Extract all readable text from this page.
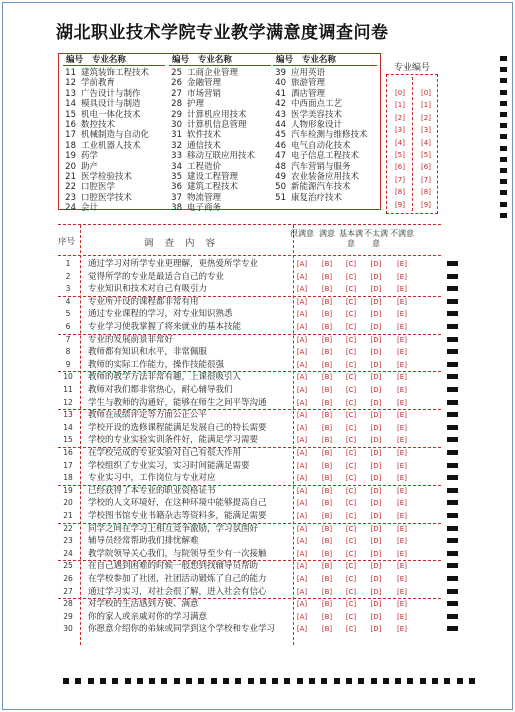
湖北职业技术学院专业教学满意度调查问卷
编号   专业名称	编号   专业名称	编号   专业名称
11 建筑装饰工程技术
12 学前教育
13 广告设计与制作
14 模具设计与制造
15 机电一体化技术
16 数控技术
17 机械制造与自动化
18 工业机器人技术
19 药学
20 助产
21 医学检验技术
22 口腔医学
23 口腔医学技术
24 会计
25 工商企业管理
26 金融管理
27 市场营销
28 护理
29 计算机应用技术
30 计算机信息管理
31 软件技术
32 通信技术
33 移动互联应用技术
34 工程造价
35 建设工程管理
36 建筑工程技术
37 物流管理
38 电子商务
39 应用英语
40 旅游管理
41 酒店管理
42 中西面点工艺
43 医学美容技术
44 人物形象设计
45 汽车检测与维修技术
46 电气自动化技术
47 电子信息工程技术
48 汽车营销与服务
49 农业装备应用技术
50 新能源汽车技术
51 康复治疗技术
专业编号
[0]
[1]
[2]
[3]
[4]
[5]
[6]
[7]
[8]
[9]
[0]
[1]
[2]
[3]
[4]
[5]
[6]
[7]
[8]
[9]
序号	调 查 内 容
很满意 满意 基本满意
不太满意
不满意
1	通过学习对所学专业更理解，更热爱所学专业	[A]	[B]	[C]	[D]	[E]
2	觉得所学的专业是最适合自己的专业	[A]	[B]	[C]	[D]	[E]
3	专业知识和技术对自己有吸引力	[A]	[B]	[C]	[D]	[E]
4	专业所开设的课程都非常有用	[A]	[B]	[C]	[D]	[E]
5	通过专业课程的学习，对专业知识熟悉	[A]	[B]	[C]	[D]	[E]
6	专业学习使我掌握了将来就业的基本技能	[A]	[B]	[C]	[D]	[E]
7	专业的发展前景非常好	[A]	[B]	[C]	[D]	[E]
8	教师都有知识和水平，非常佩服	[A]	[B]	[C]	[D]	[E]
9	教师的实际工作能力，操作技能很强	[A]	[B]	[C]	[D]	[E]
10	教师的教学方法非常有趣，上课很吸引人	[A]	[B]	[C]	[D]	[E]
11	教师对我们都非常热心，耐心辅导我们	[A]	[B]	[C]	[D]	[E]
12	学生与教师的沟通好，能够在师生之间平等沟通	[A]	[B]	[C]	[D]	[E]
13	教师在成绩评定等方面公正公平	[A]	[B]	[C]	[D]	[E]
14	学校开设的选修课程能满足发展自己的特长需要	[A]	[B]	[C]	[D]	[E]
15	学校的专业实验实训条件好，能满足学习需要	[A]	[B]	[C]	[D]	[E]
16	在学校完成的专业实验对自己有很大作用	[A]	[B]	[C]	[D]	[E]
17	学校组织了专业实习，实习时间能满足需要	[A]	[B]	[C]	[D]	[E]
18	专业实习中，工作岗位与专业对应	[A]	[B]	[C]	[D]	[E]
19	已经获得了本专业的职业资格证书	[A]	[B]	[C]	[D]	[E]
20	学校的人文环境好，在这种环境中能够提高自己	[A]	[B]	[C]	[D]	[E]
21	学校图书馆专业书籍杂志等资料多，能满足需要	[A]	[B]	[C]	[D]	[E]
22	同学之间在学习上相互竞争激励，学习氛围好	[A]	[B]	[C]	[D]	[E]
23	辅导员经常帮助我们排忧解难	[A]	[B]	[C]	[D]	[E]
24	教学院领导关心我们，与院领导至少有一次接触	[A]	[B]	[C]	[D]	[E]
25	在自己遇到困难的时候一般想到找辅导员帮助	[A]	[B]	[C]	[D]	[E]
26	在学校参加了社团，社团活动锻炼了自己的能力	[A]	[B]	[C]	[D]	[E]
27	通过学习实习，对社会很了解，进入社会有信心	[A]	[B]	[C]	[D]	[E]
28	对学校的生活感到方便、满意	[A]	[B]	[C]	[D]	[E]
29	你的家人或亲戚对你的学习满意	[A]	[B]	[C]	[D]	[E]
30	你愿意介绍你的弟妹或同学到这个学校和专业学习	[A]	[B]	[C]	[D]	[E]
